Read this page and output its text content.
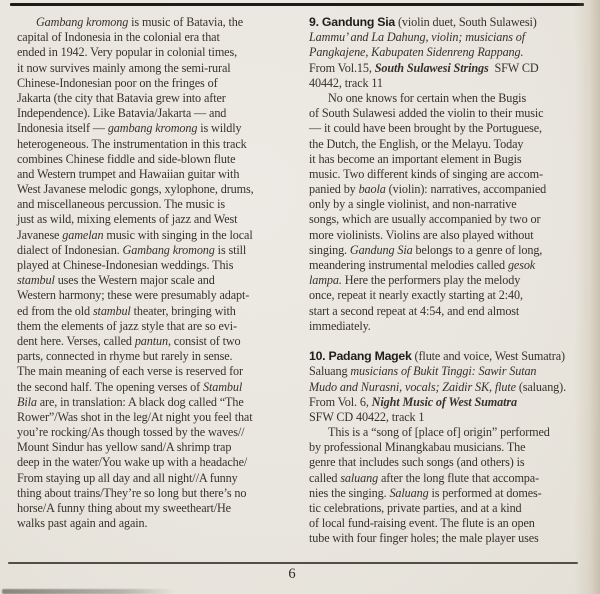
Gambang kromong is music of Batavia, the
capital of Indonesia in the colonial era that
ended in 1942. Very popular in colonial times,
it now survives mainly among the semi-rural
Chinese-Indonesian poor on the fringes of
Jakarta (the city that Batavia grew into after
Independence). Like Batavia/Jakarta — and
Indonesia itself — gambang kromong is wildly
heterogeneous. The instrumentation in this track
combines Chinese fiddle and side-blown flute
and Western trumpet and Hawaiian guitar with
West Javanese melodic gongs, xylophone, drums,
and miscellaneous percussion. The music is
just as wild, mixing elements of jazz and West
Javanese gamelan music with singing in the local
dialect of Indonesian. Gambang kromong is still
played at Chinese-Indonesian weddings. This
stambul uses the Western major scale and
Western harmony; these were presumably adapt-
ed from the old stambul theater, bringing with
them the elements of jazz style that are so evi-
dent here. Verses, called pantun, consist of two
parts, connected in rhyme but rarely in sense.
The main meaning of each verse is reserved for
the second half. The opening verses of Stambul
Bila are, in translation: A black dog called “The
Rower”/Was shot in the leg/At night you feel that
you’re rocking/As though tossed by the waves//
Mount Sindur has yellow sand/A shrimp trap
deep in the water/You wake up with a headache/
From staying up all day and all night//A funny
thing about trains/They’re so long but there’s no
horse/A funny thing about my sweetheart/He
walks past again and again.
9. Gandung Sia (violin duet, South Sulawesi)
Lammu’ and La Dahung, violin; musicians of
Pangkajene, Kabupaten Sidenreng Rappang.
From Vol.15, South Sulawesi Strings  SFW CD
40442, track 11
No one knows for certain when the Bugis
of South Sulawesi added the violin to their music
— it could have been brought by the Portuguese,
the Dutch, the English, or the Melayu. Today
it has become an important element in Bugis
music. Two different kinds of singing are accom-
panied by baola (violin): narratives, accompanied
only by a single violinist, and non-narrative
songs, which are usually accompanied by two or
more violinists. Violins are also played without
singing. Gandung Sia belongs to a genre of long,
meandering instrumental melodies called gesok
lampa. Here the performers play the melody
once, repeat it nearly exactly starting at 2:40,
start a second repeat at 4:54, and end almost
immediately.
10. Padang Magek (flute and voice, West Sumatra)
Saluang musicians of Bukit Tinggi: Sawir Sutan
Mudo and Nurasni, vocals; Zaidir SK, flute (saluang).
From Vol. 6, Night Music of West Sumatra
SFW CD 40422, track 1
This is a “song of [place of] origin” performed
by professional Minangkabau musicians. The
genre that includes such songs (and others) is
called saluang after the long flute that accompa-
nies the singing. Saluang is performed at domes-
tic celebrations, private parties, and at a kind
of local fund-raising event. The flute is an open
tube with four finger holes; the male player uses
6
